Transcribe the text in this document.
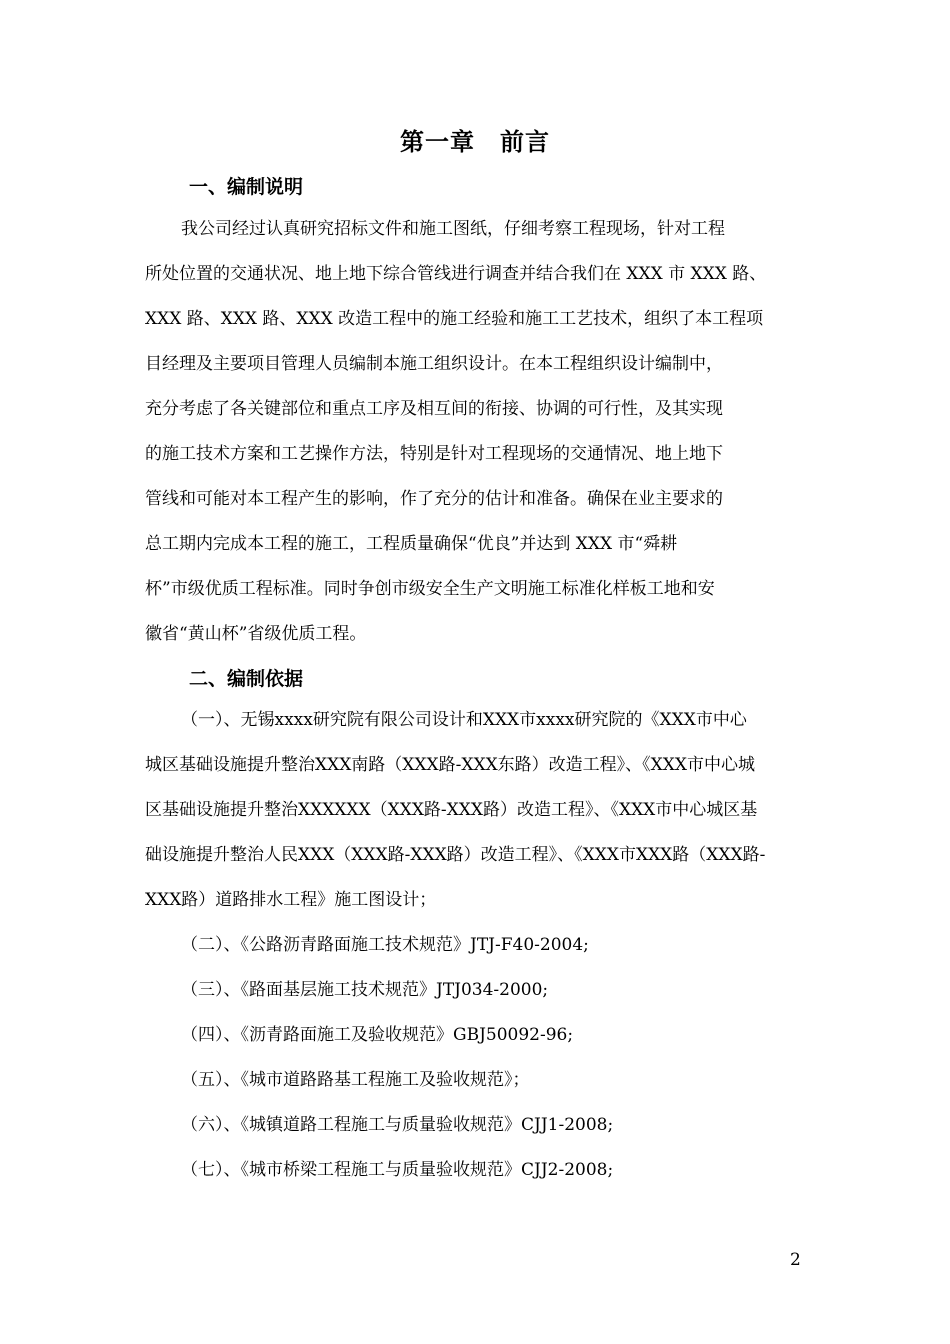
第一章　前言
一、编制说明
我公司经过认真研究招标文件和施工图纸，仔细考察工程现场，针对工程
所处位置的交通状况、地上地下综合管线进行调查并结合我们在 XXX 市 XXX 路、
XXX 路、XXX 路、XXX 改造工程中的施工经验和施工工艺技术，组织了本工程项
目经理及主要项目管理人员编制本施工组织设计。在本工程组织设计编制中，
充分考虑了各关键部位和重点工序及相互间的衔接、协调的可行性，及其实现
的施工技术方案和工艺操作方法，特别是针对工程现场的交通情况、地上地下
管线和可能对本工程产生的影响，作了充分的估计和准备。确保在业主要求的
总工期内完成本工程的施工，工程质量确保“优良”并达到 XXX 市“舜耕
杯”市级优质工程标准。同时争创市级安全生产文明施工标准化样板工地和安
徽省“黄山杯”省级优质工程。
二、编制依据
（一）、无锡xxxx研究院有限公司设计和XXX市xxxx研究院的《XXX市中心
城区基础设施提升整治XXX南路（XXX路-XXX东路）改造工程》、《XXX市中心城
区基础设施提升整治XXXXXX（XXX路-XXX路）改造工程》、《XXX市中心城区基
础设施提升整治人民XXX（XXX路-XXX路）改造工程》、《XXX市XXX路（XXX路-
XXX路）道路排水工程》施工图设计；
（二）、《公路沥青路面施工技术规范》JTJ-F40-2004;
（三）、《路面基层施工技术规范》JTJ034-2000;
（四）、《沥青路面施工及验收规范》GBJ50092-96;
（五）、《城市道路路基工程施工及验收规范》；
（六）、《城镇道路工程施工与质量验收规范》CJJ1-2008;
（七）、《城市桥梁工程施工与质量验收规范》CJJ2-2008;
2
